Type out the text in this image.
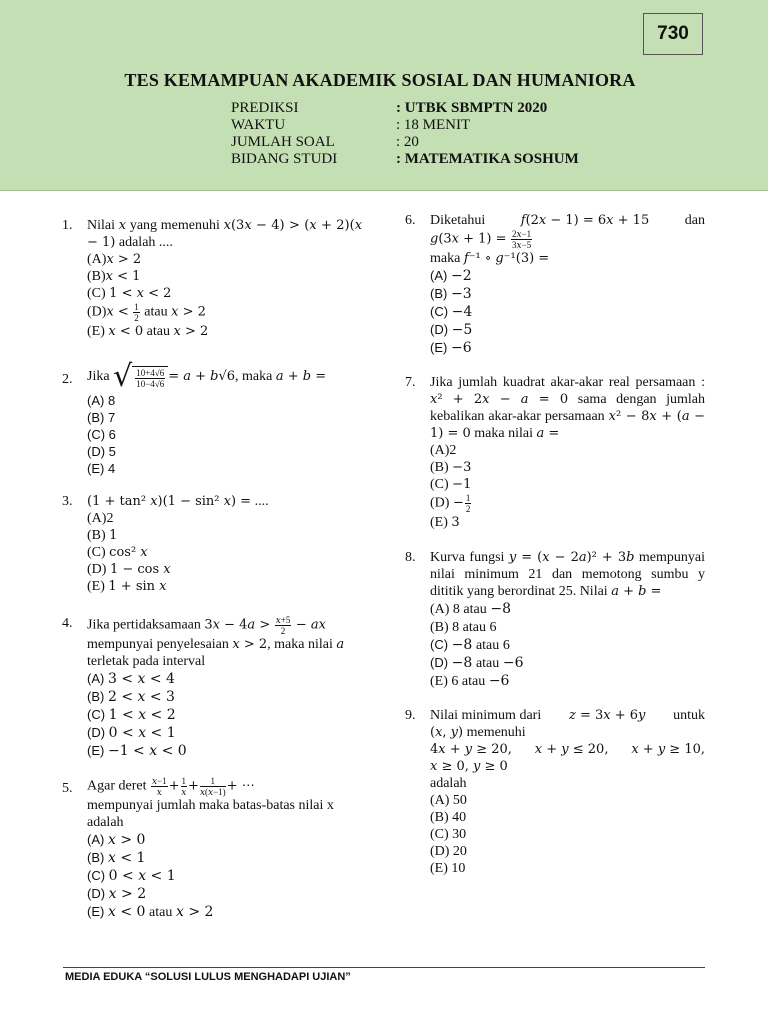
730
TES KEMAMPUAN AKADEMIK SOSIAL DAN HUMANIORA
PREDIKSI	: UTBK SBMPTN 2020
WAKTU	: 18 MENIT
JUMLAH SOAL	: 20
BIDANG STUDI	: MATEMATIKA SOSHUM
1.	Nilai 𝑥 yang memenuhi 𝑥(3𝑥 − 4) > (𝑥 + 2)(𝑥 − 1) adalah ....
(A)𝑥 > 2
(B)𝑥 < 1
(C) 1 < 𝑥 < 2
(D)𝑥 < $\frac{1}{2}$ atau 𝑥 > 2
(E) 𝑥 < 0 atau 𝑥 > 2
2.	Jika √ $\frac{10+4√6}{10-4√6}$ = 𝑎 + 𝑏√6, maka 𝑎 + 𝑏 =
(A) 8
(B) 7
(C) 6
(D) 5
(E) 4
3.	(1 + tan² 𝑥)(1 − sin² 𝑥) = ....
(A)2
(B) 1
(C) cos² 𝑥
(D) 1 − cos 𝑥
(E) 1 + sin 𝑥
4.	Jika pertidaksamaan 3𝑥 − 4𝑎 > $\frac{\text{𝑥+5}}{2}$ − 𝑎𝑥 mempunyai penyelesaian 𝑥 > 2, maka nilai 𝑎 terletak pada interval
(A) 3 < 𝑥 < 4
(B) 2 < 𝑥 < 3
(C) 1 < 𝑥 < 2
(D) 0 < 𝑥 < 1
(E) −1 < 𝑥 < 0
5.	Agar deret $\frac{\text{𝑥−1}}{\text{𝑥}} + \frac{1}{\text{𝑥}} + \frac{1}{\text{𝑥(𝑥−1)}}$ + ⋯
mempunyai jumlah maka batas-batas nilai x adalah
(A) 𝑥 > 0
(B) 𝑥 < 1
(C) 0 < 𝑥 < 1
(D) 𝑥 > 2
(E) 𝑥 < 0 atau 𝑥 > 2
6.	Diketahui	𝑓(2𝑥 − 1) = 6𝑥 + 15	dan
𝑔(3𝑥 + $1) = \frac{\text{2𝑥−1}}{\text{3𝑥−5}}$
maka 𝑓⁻¹ ∘ 𝑔⁻¹(3) =
(A) −2
(B) −3
(C) −4
(D) −5
(E) −6
7.	Jika jumlah kuadrat akar-akar real persamaan : 𝑥² + 2𝑥 − 𝑎 = 0 sama dengan jumlah kebalikan akar-akar persamaan 𝑥² − 8𝑥 + (𝑎 − 1) = 0 maka nilai 𝑎 =
(A)2
(B) −3
(C) −1
$(D) - \frac{1}{2}$
(E) 3
8.	Kurva fungsi 𝑦 = (𝑥 − 2𝑎)² + 3𝑏 mempunyai nilai minimum 21 dan memotong sumbu y dititik yang berordinat 25. Nilai 𝑎 + 𝑏 =
(A) 8 atau −8
(B) 8 atau 6
(C) −8 atau 6
(D) −8 atau −6
(E) 6 atau −6
9.	Nilai minimum dari 𝑧 = 3𝑥 + 6𝑦 untuk
(𝑥, 𝑦) memenuhi
4𝑥 + 𝑦 ≥ 20, 𝑥 + 𝑦 ≤ 20, 𝑥 + 𝑦 ≥ 10,
𝑥 ≥ 0, 𝑦 ≥ 0
adalah
(A) 50
(B) 40
(C) 30
(D) 20
(E) 10
MEDIA EDUKA “SOLUSI LULUS MENGHADAPI UJIAN”
